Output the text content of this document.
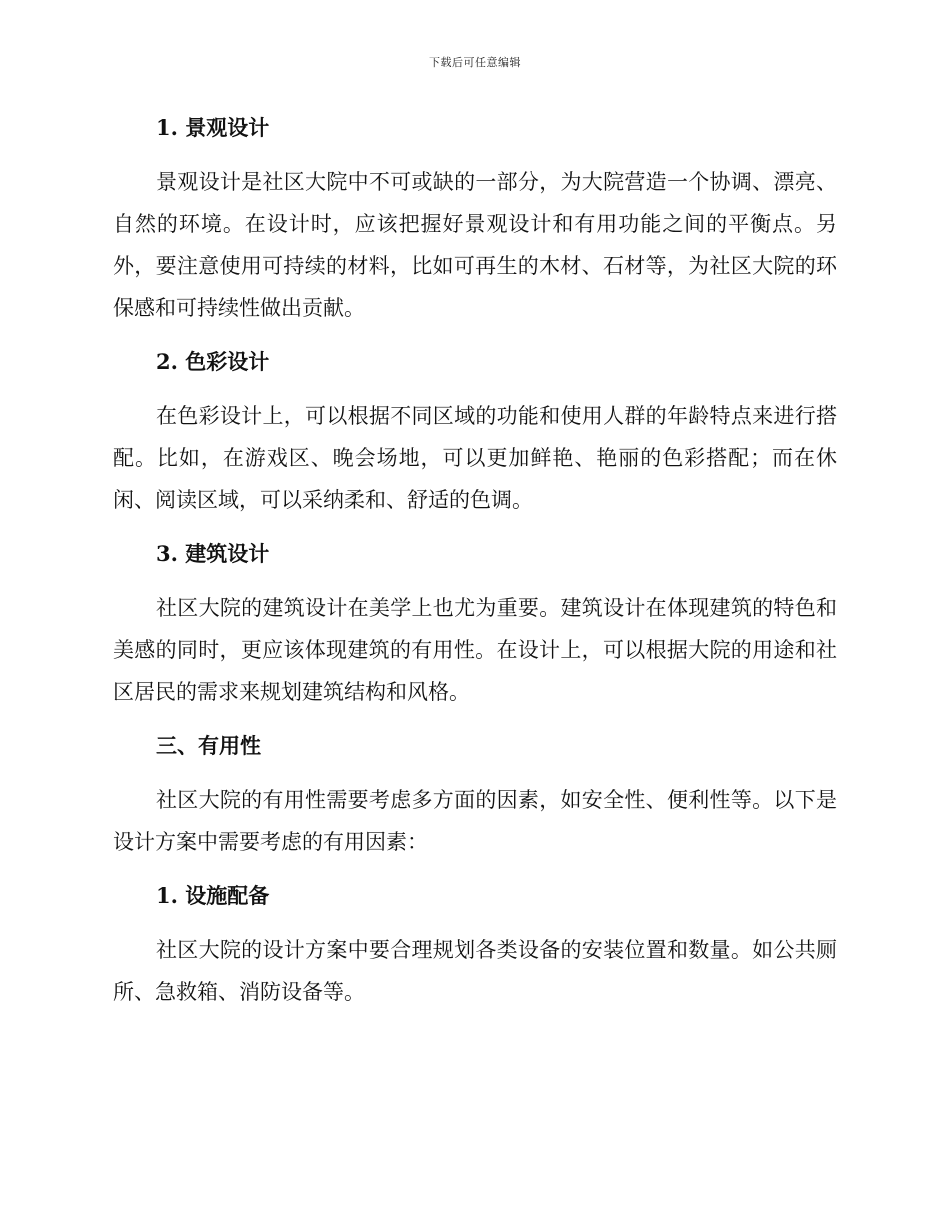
下载后可任意编辑
1. 景观设计
景观设计是社区大院中不可或缺的一部分，为大院营造一个协调、漂亮、自然的环境。在设计时，应该把握好景观设计和有用功能之间的平衡点。另外，要注意使用可持续的材料，比如可再生的木材、石材等，为社区大院的环保感和可持续性做出贡献。
2. 色彩设计
在色彩设计上，可以根据不同区域的功能和使用人群的年龄特点来进行搭配。比如，在游戏区、晚会场地，可以更加鲜艳、艳丽的色彩搭配；而在休闲、阅读区域，可以采纳柔和、舒适的色调。
3. 建筑设计
社区大院的建筑设计在美学上也尤为重要。建筑设计在体现建筑的特色和美感的同时，更应该体现建筑的有用性。在设计上，可以根据大院的用途和社区居民的需求来规划建筑结构和风格。
三、有用性
社区大院的有用性需要考虑多方面的因素，如安全性、便利性等。以下是设计方案中需要考虑的有用因素：
1. 设施配备
社区大院的设计方案中要合理规划各类设备的安装位置和数量。如公共厕所、急救箱、消防设备等。
